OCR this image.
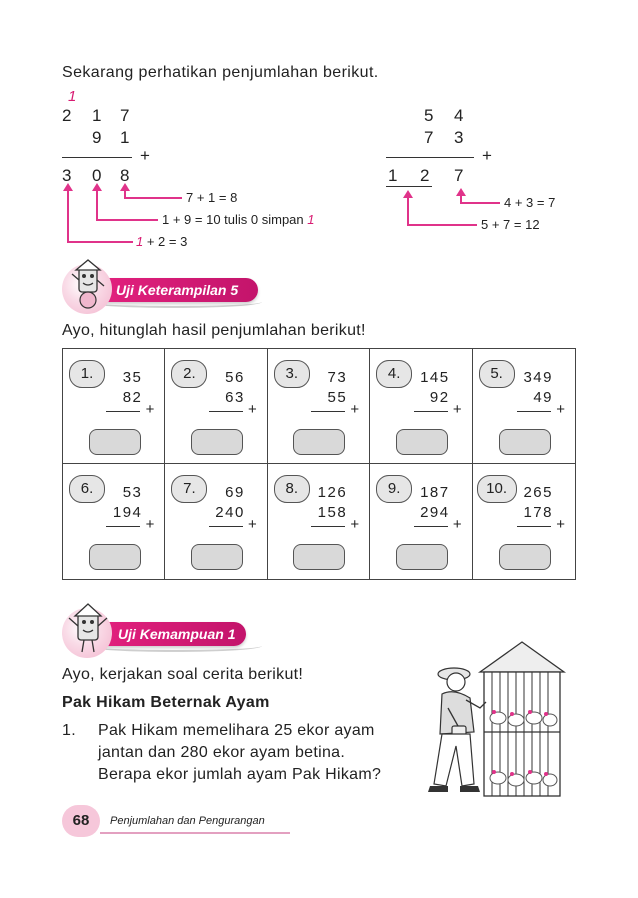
Sekarang perhatikan penjumlahan berikut.
1
2 1 7
9 1
+
3 0 8
7 + 1 = 8
1 + 9 = 10 tulis 0 simpan 1
1 + 2 = 3
5 4
7 3
+
1 2 7
4 + 3 = 7
5 + 7 = 12
Uji Keterampilan 5
Ayo, hitunglah hasil penjumlahan berikut!
1.	35
82
+
2.	56
63
+
3.	73
55
+
4.	145
92
+
5.	349
49
+
6.	53
194
+
7.	69
240
+
8.	126
158
+
9.	187
294
+
10.	265
178
+
Uji Kemampuan 1
Ayo, kerjakan soal cerita berikut!
Pak Hikam Beternak Ayam
1. Pak Hikam memelihara 25 ekor ayam
jantan dan 280 ekor ayam betina.
Berapa ekor jumlah ayam Pak Hikam?
68	Penjumlahan dan Pengurangan
